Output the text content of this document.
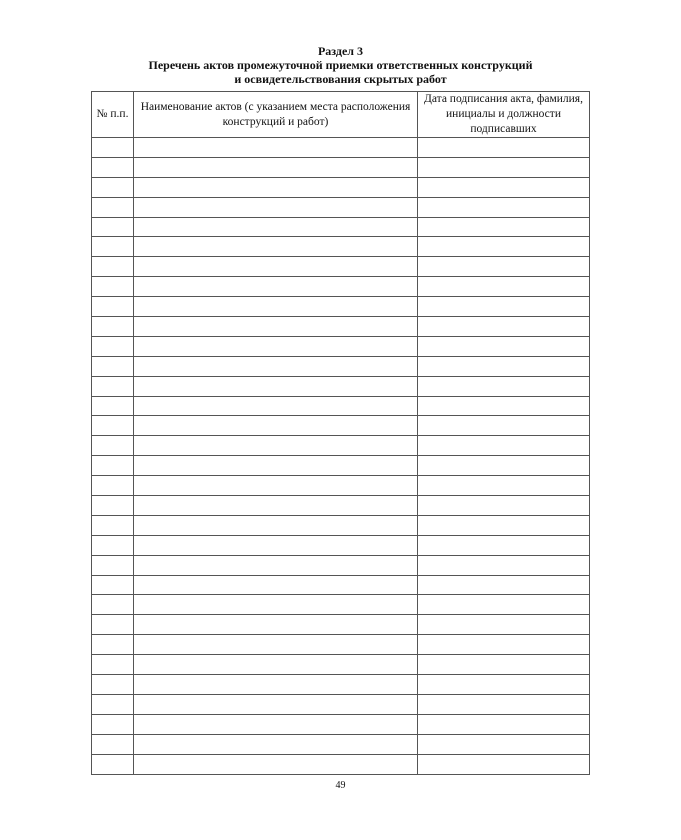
Раздел 3
Перечень актов промежуточной приемки ответственных конструкций
и освидетельствования скрытых работ
№ п.п.	Наименование актов (с указанием места расположения конструкций и работ)	Дата подписания акта, фамилия, инициалы и должности подписавших

49
